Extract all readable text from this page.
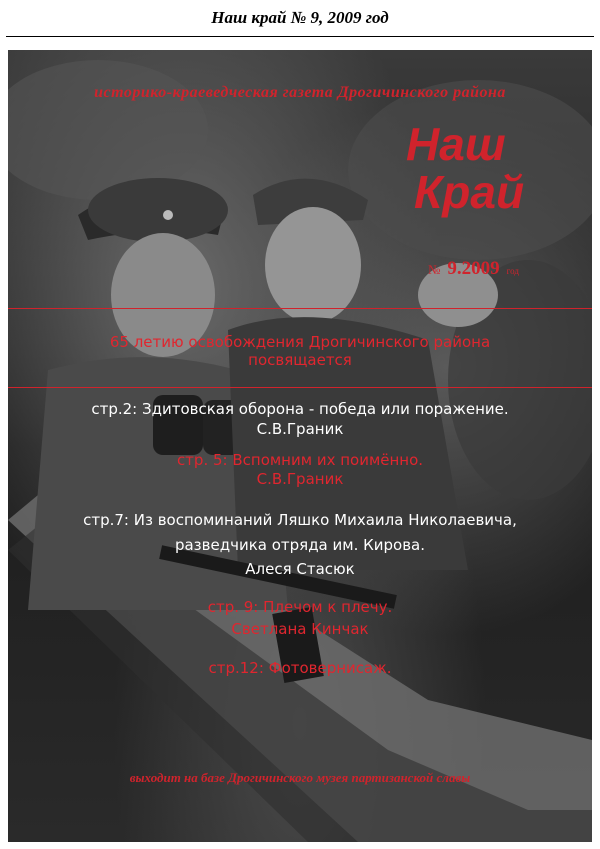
Наш край № 9, 2009 год
историко-краеведческая газета Дрогичинского района
Наш
Край
№ 9.2009 год
65 летию освобождения Дрогичинского района
посвящается
стр.2: Здитовская оборона - победа или поражение.
С.В.Граник
стр. 5: Вспомним их поимённо.
С.В.Граник
стр.7: Из воспоминаний Ляшко Михаила Николаевича,
разведчика отряда им. Кирова.
Алеся Стасюк
стр. 9: Плечом к плечу.
Светлана Кинчак
стр.12: Фотовернисаж.
выходит на базе Дрогичинского музея партизанской славы
